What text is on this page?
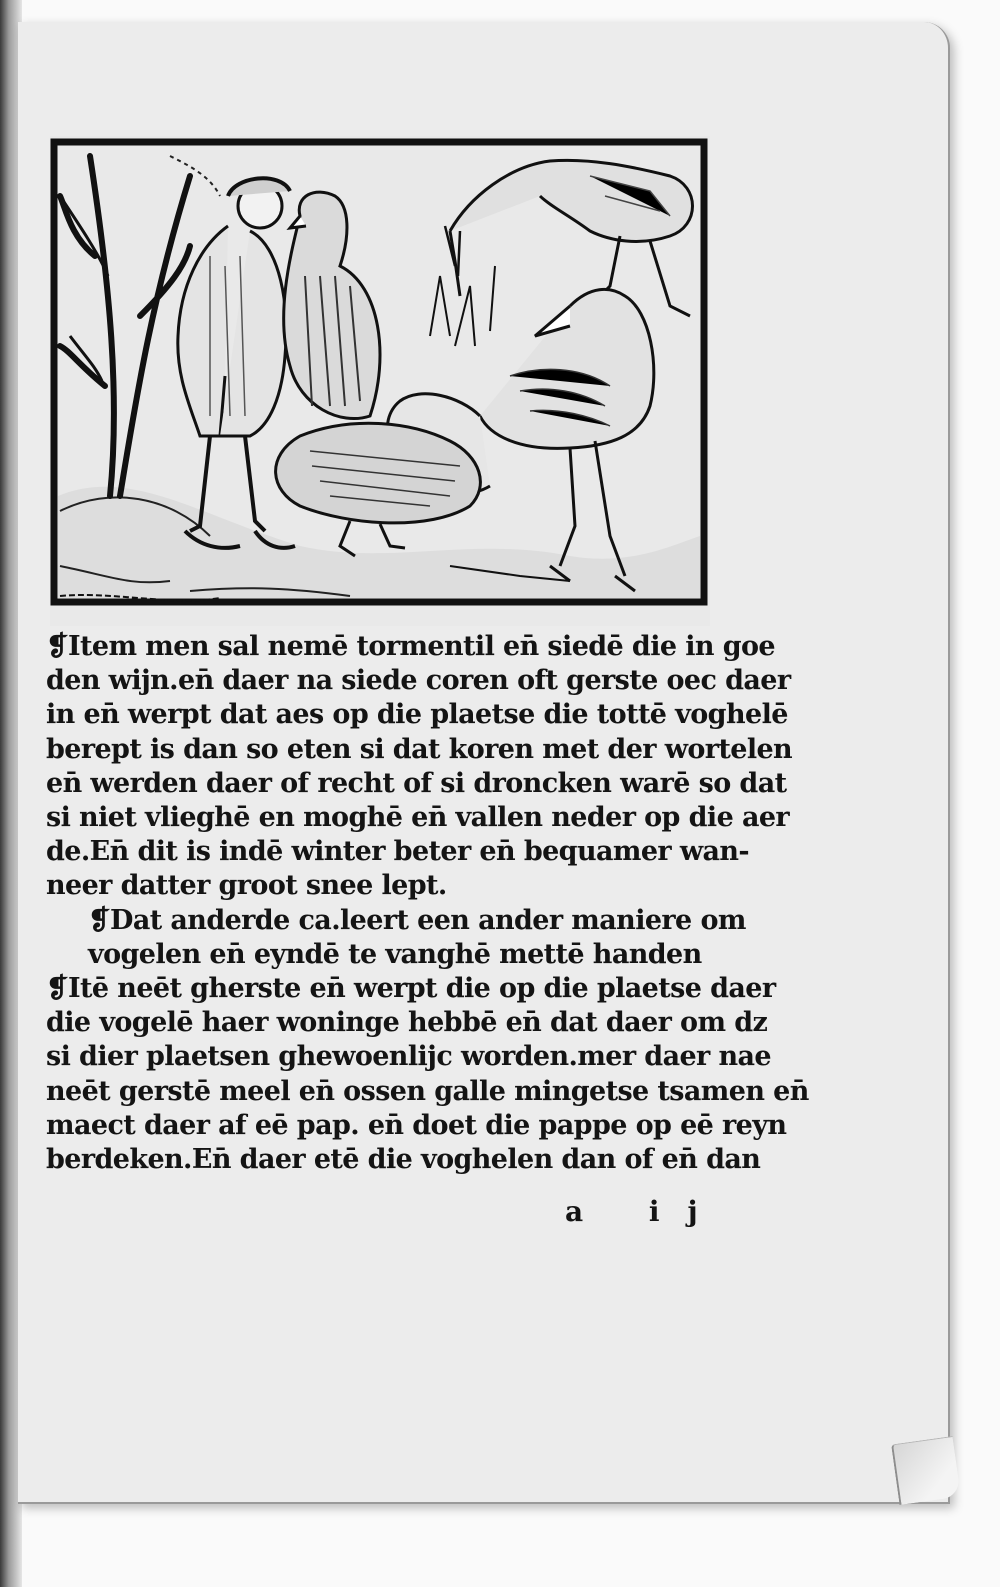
❡Item men sal nemē tormentil en̄ siedē die in goe
den wijn.en̄ daer na siede coren oft gerste oec daer
in en̄ werpt dat aes op die plaetse die tottē voghelē
berept is dan so eten si dat koren met der wortelen
en̄ werden daer of recht of si droncken warē so dat
si niet vlieghē en moghē en̄ vallen neder op die aer
de.En̄ dit is indē winter beter en̄ bequamer wan‑
neer datter groot snee lept.
❡Dat anderde ca.leert een ander maniere om
vogelen en̄ eyndē te vanghē mettē handen
❡Itē neēt gherste en̄ werpt die op die plaetse daer
die vogelē haer woninge hebbē en̄ dat daer om dz
si dier plaetsen ghewoenlijc worden.mer daer nae
neēt gerstē meel en̄ ossen galle mingetse tsamen en̄
maect daer af eē pap. en̄ doet die pappe op eē reyn
berdeken.En̄ daer etē die voghelen dan of en̄ dan
a ij
